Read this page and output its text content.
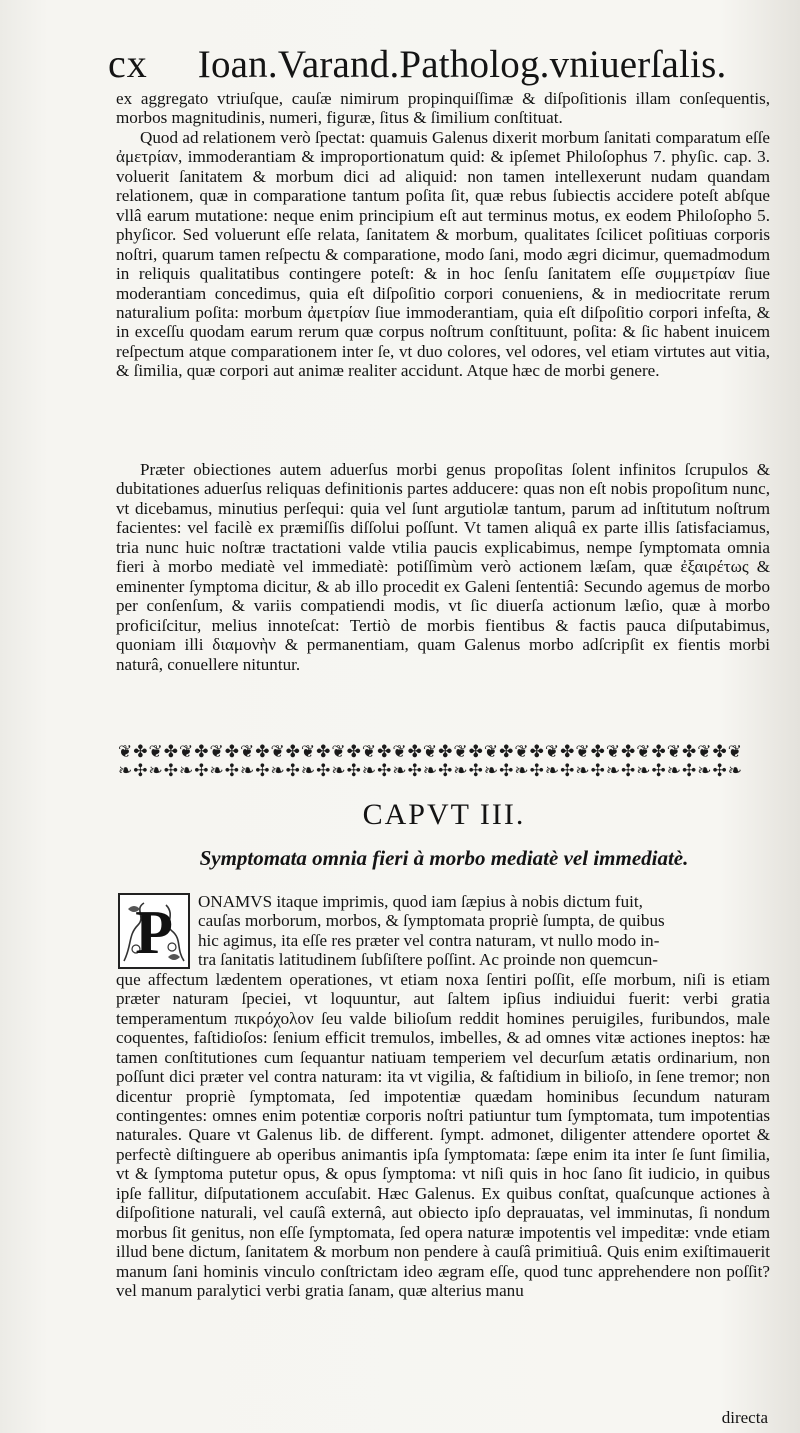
cx Ioan.Varand.Patholog.vniuerſalis.

ex aggregato vtriuſque, cauſæ nimirum propinquiſſimæ & diſpoſitionis illam conſequentis, morbos magnitudinis, numeri, figuræ, ſitus & ſimilium conſtituat.

Quod ad relationem verò ſpectat: quamuis Galenus dixerit morbum ſanitati comparatum eſſe ἀμετρίαν, immoderantiam & improportionatum quid: & ipſemet Philoſophus 7. phyſic. cap. 3. voluerit ſanitatem & morbum dici ad aliquid: non tamen intellexerunt nudam quandam relationem, quæ in comparatione tantum poſita ſit, quæ rebus ſubiectis accidere poteſt abſque vllâ earum mutatione: neque enim principium eſt aut terminus motus, ex eodem Philoſopho 5. phyſicor. Sed voluerunt eſſe relata, ſanitatem & morbum, qualitates ſcilicet poſitiuas corporis noſtri, quarum tamen reſpectu & comparatione, modo ſani, modo ægri dicimur, quemadmodum in reliquis qualitatibus contingere poteſt: & in hoc ſenſu ſanitatem eſſe συμμετρίαν ſiue moderantiam concedimus, quia eſt diſpoſitio corpori conueniens, & in mediocritate rerum naturalium poſita: morbum ἀμετρίαν ſiue immoderantiam, quia eſt diſpoſitio corpori infeſta, & in exceſſu quodam earum rerum quæ corpus noſtrum conſtituunt, poſita: & ſic habent inuicem reſpectum atque comparationem inter ſe, vt duo colores, vel odores, vel etiam virtutes aut vitia, & ſimilia, quæ corpori aut animæ realiter accidunt. Atque hæc de morbi genere.

Præter obiectiones autem aduerſus morbi genus propoſitas ſolent infinitos ſcrupulos & dubitationes aduerſus reliquas definitionis partes adducere: quas non eſt nobis propoſitum nunc, vt dicebamus, minutius perſequi: quia vel ſunt argutiolæ tantum, parum ad inſtitutum noſtrum facientes: vel facilè ex præmiſſis diſſolui poſſunt. Vt tamen aliquâ ex parte illis ſatisfaciamus, tria nunc huic noſtræ tractationi valde vtilia paucis explicabimus, nempe ſymptomata omnia fieri à morbo mediatè vel immediatè: potiſſimùm verò actionem læſam, quæ ἐξαιρέτως & eminenter ſymptoma dicitur, & ab illo procedit ex Galeni ſententiâ: Secundo agemus de morbo per conſenſum, & variis compatiendi modis, vt ſic diuerſa actionum læſio, quæ à morbo proficiſcitur, melius innoteſcat: Tertiò de morbis fientibus & factis pauca diſputabimus, quoniam illi διαμονὴν & permanentiam, quam Galenus morbo adſcripſit ex fientis morbi naturâ, conuellere nituntur.

❦✤❦✤❦✤❦✤❦✤❦✤❦✤❦✤❦✤❦✤❦✤❦✤❦✤❦✤❦✤❦✤❦✤❦✤❦✤❦✤❦
❧✣❧✣❧✣❧✣❧✣❧✣❧✣❧✣❧✣❧✣❧✣❧✣❧✣❧✣❧✣❧✣❧✣❧✣❧✣❧✣❧
CAPVT III.
Symptomata omnia fieri à morbo mediatè vel immediatè.
P	ONAMVS itaque imprimis, quod iam ſæpius à nobis dictum fuit,

cauſas morborum, morbos, & ſymptomata propriè ſumpta, de quibus

hic agimus, ita eſſe res præter vel contra naturam, vt nullo modo in-

tra ſanitatis latitudinem ſubſiſtere poſſint. Ac proinde non quemcun-

que affectum lædentem operationes, vt etiam noxa ſentiri poſſit, eſſe morbum, niſi is etiam præter naturam ſpeciei, vt loquuntur, aut ſaltem ipſius indiuidui fuerit: verbi gratia temperamentum πικρόχολον ſeu valde bilioſum reddit homines peruigiles, furibundos, male coquentes, faſtidioſos: ſenium efficit tremulos, imbelles, & ad omnes vitæ actiones ineptos: hæ tamen conſtitutiones cum ſequantur natiuam temperiem vel decurſum ætatis ordinarium, non poſſunt dici præter vel contra naturam: ita vt vigilia, & faſtidium in bilioſo, in ſene tremor; non dicentur propriè ſymptomata, ſed impotentiæ quædam hominibus ſecundum naturam contingentes: omnes enim potentiæ corporis noſtri patiuntur tum ſymptomata, tum impotentias naturales. Quare vt Galenus lib. de different. ſympt. admonet, diligenter attendere oportet & perfectè diſtinguere ab operibus animantis ipſa ſymptomata: ſæpe enim ita inter ſe ſunt ſimilia, vt & ſymptoma putetur opus, & opus ſymptoma: vt niſi quis in hoc ſano ſit iudicio, in quibus ipſe fallitur, diſputationem accuſabit. Hæc Galenus. Ex quibus conſtat, quaſcunque actiones à diſpoſitione naturali, vel cauſâ externâ, aut obiecto ipſo deprauatas, vel imminutas, ſi nondum morbus ſit genitus, non eſſe ſymptomata, ſed opera naturæ impotentis vel impeditæ: vnde etiam illud bene dictum, ſanitatem & morbum non pendere à cauſâ primitiuâ. Quis enim exiſtimauerit manum ſani hominis vinculo conſtrictam ideo ægram eſſe, quod tunc apprehendere non poſſit? vel manum paralytici verbi gratia ſanam, quæ alterius manu

directa
